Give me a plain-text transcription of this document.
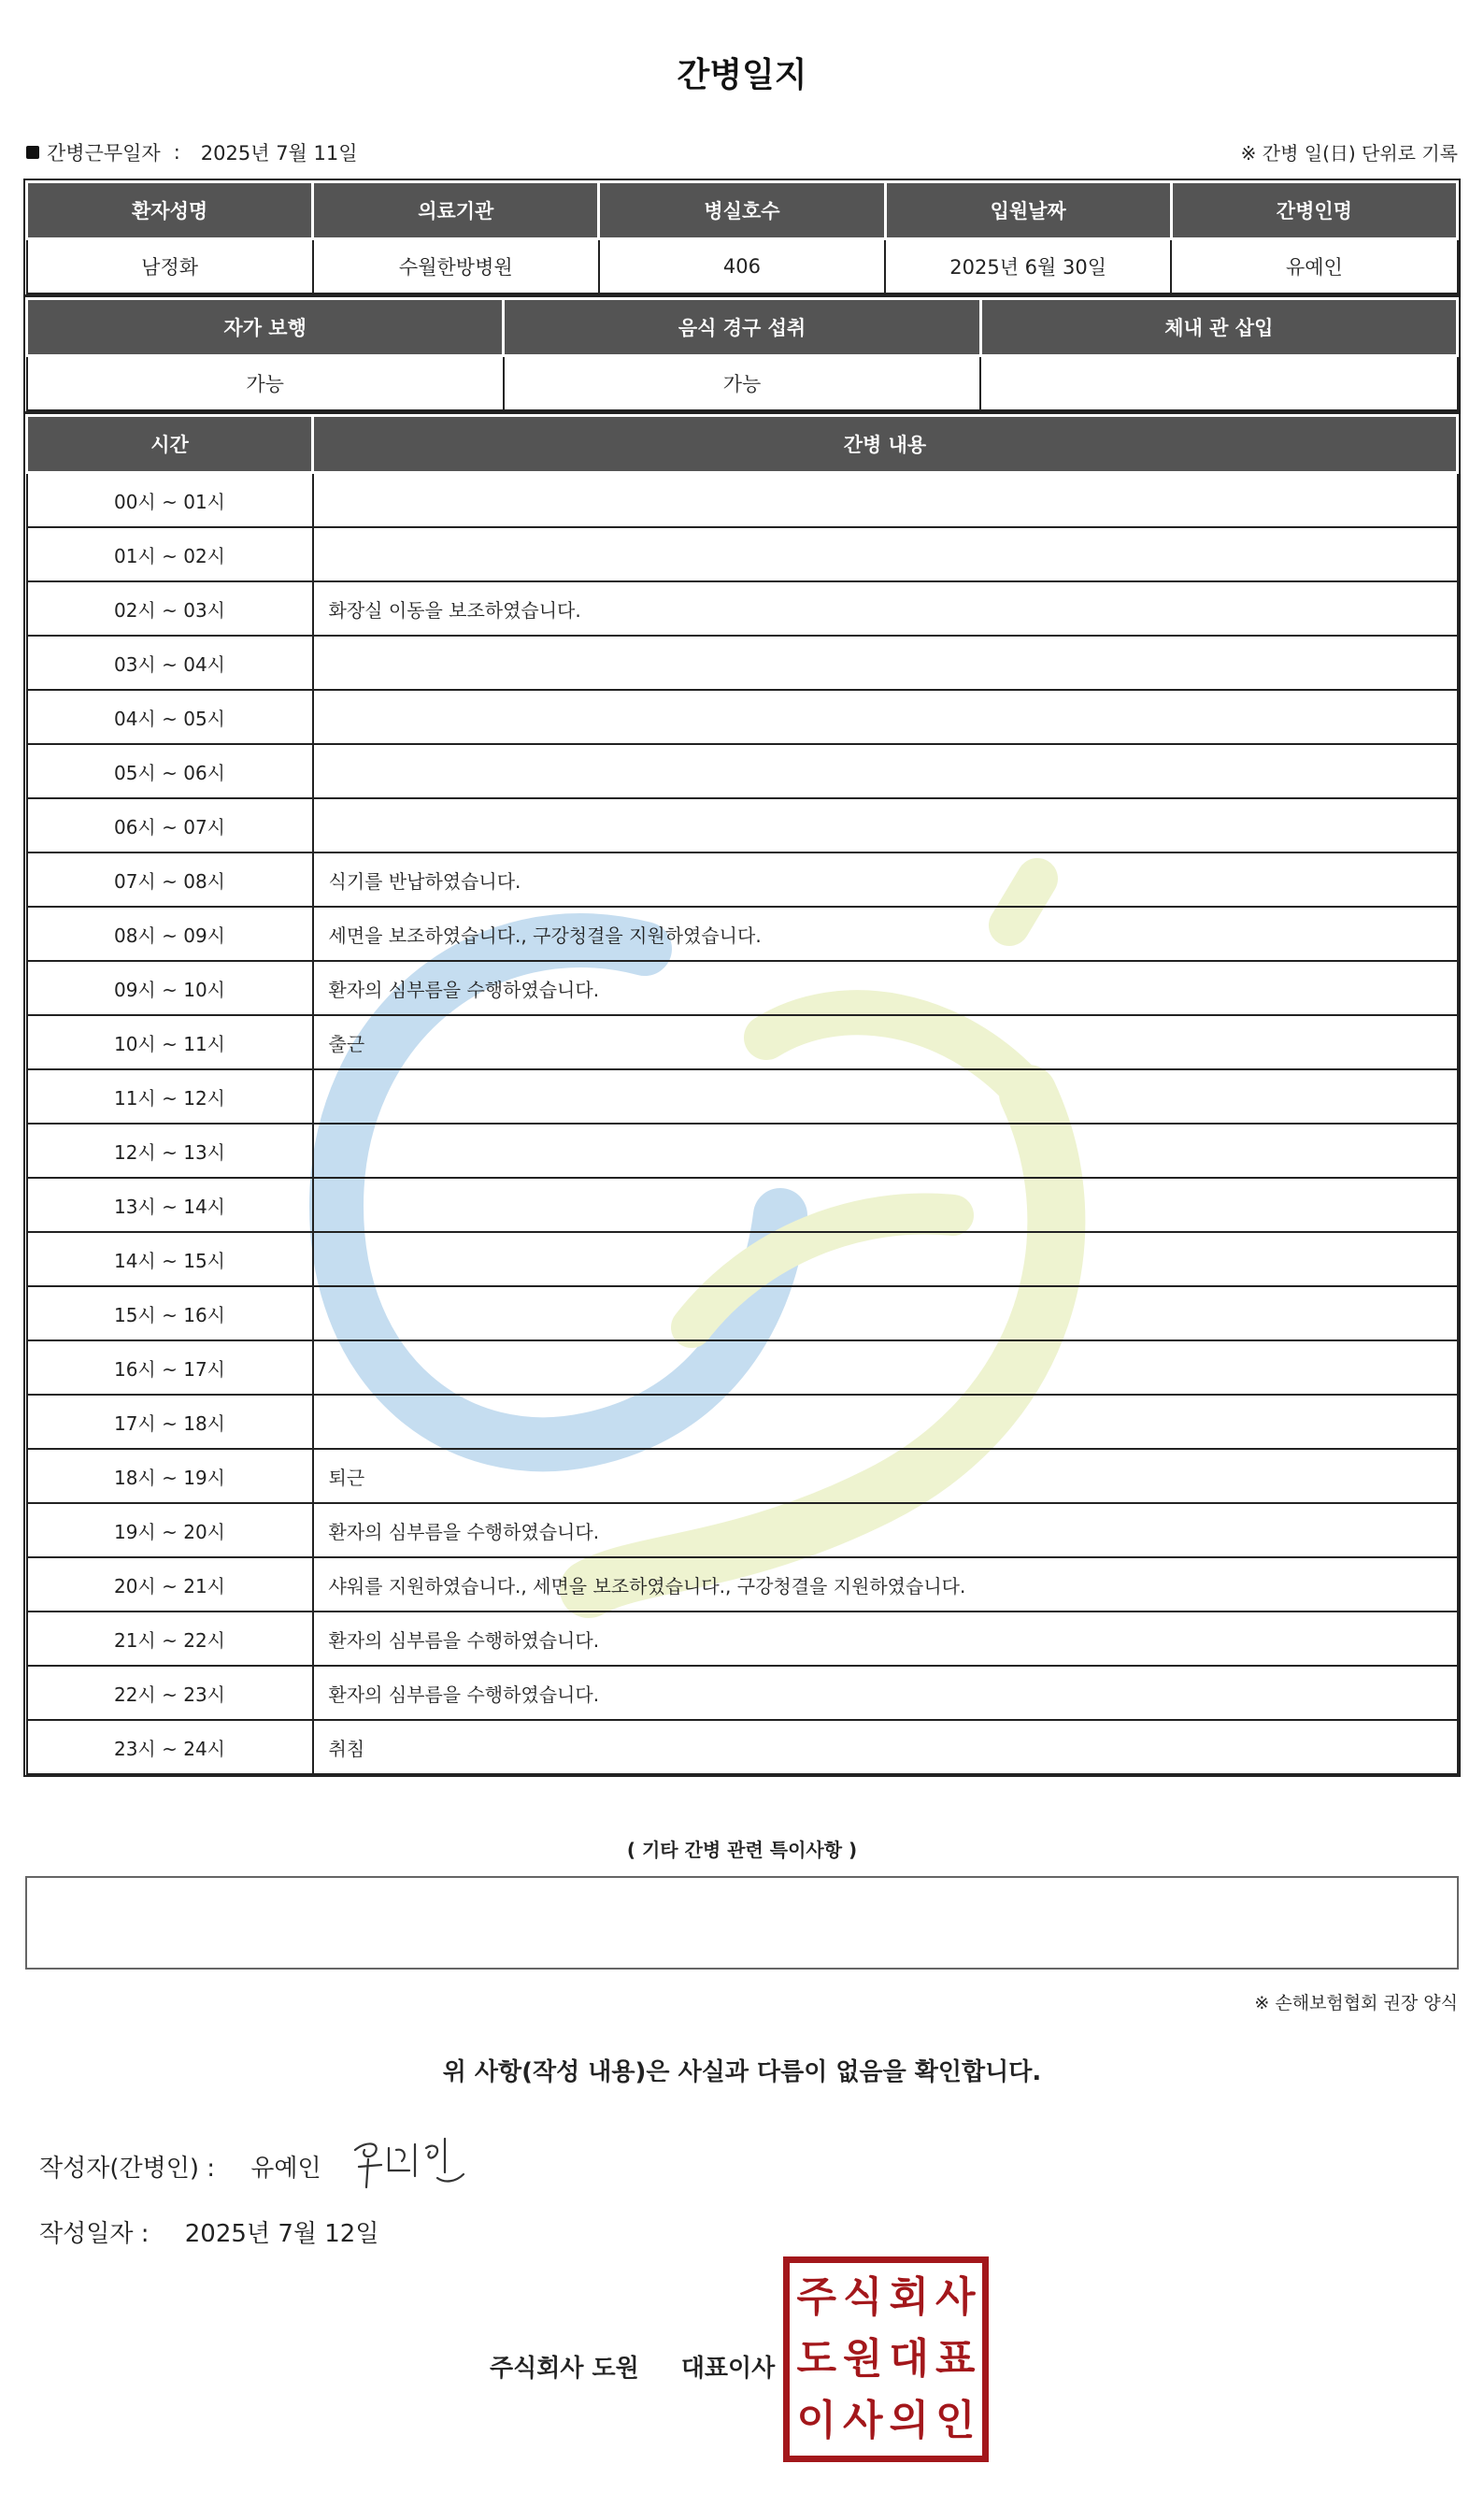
간병일지
간병근무일자 : 2025년 7월 11일	※ 간병 일(日) 단위로 기록
환자성명	의료기관	병실호수	입원날짜	간병인명
남정화	수월한방병원	406	2025년 6월 30일	유예인
자가 보행	음식 경구 섭취	체내 관 삽입
가능	가능	
시간	간병 내용
00시 ~ 01시	
01시 ~ 02시	
02시 ~ 03시	화장실 이동을 보조하였습니다.
03시 ~ 04시	
04시 ~ 05시	
05시 ~ 06시	
06시 ~ 07시	
07시 ~ 08시	식기를 반납하였습니다.
08시 ~ 09시	세면을 보조하였습니다., 구강청결을 지원하였습니다.
09시 ~ 10시	환자의 심부름을 수행하였습니다.
10시 ~ 11시	출근
11시 ~ 12시	
12시 ~ 13시	
13시 ~ 14시	
14시 ~ 15시	
15시 ~ 16시	
16시 ~ 17시	
17시 ~ 18시	
18시 ~ 19시	퇴근
19시 ~ 20시	환자의 심부름을 수행하였습니다.
20시 ~ 21시	샤워를 지원하였습니다., 세면을 보조하였습니다., 구강청결을 지원하였습니다.
21시 ~ 22시	환자의 심부름을 수행하였습니다.
22시 ~ 23시	환자의 심부름을 수행하였습니다.
23시 ~ 24시	취침
( 기타 간병 관련 특이사항 )
※ 손해보험협회 권장 양식
위 사항(작성 내용)은 사실과 다름이 없음을 확인합니다.
작성자(간병인) : 유예인
작성일자 : 2025년 7월 12일
주식회사 도원 대표이사
주 식 회 사
도 원 대 표
이 사 의 인
